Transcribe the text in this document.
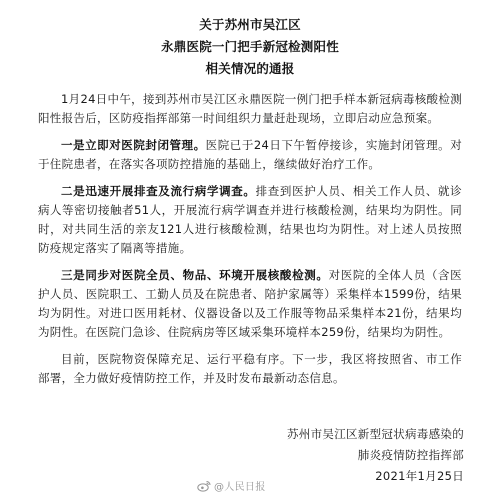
关于苏州市吴江区
永鼎医院一门把手新冠检测阳性
相关情况的通报

1月24日中午，接到苏州市吴江区永鼎医院一例门把手样本新冠病毒核酸检测阳性报告后，区防疫指挥部第一时间组织力量赶赴现场，立即启动应急预案。

一是立即对医院封闭管理。医院已于24日下午暂停接诊，实施封闭管理。对于住院患者，在落实各项防控措施的基础上，继续做好治疗工作。

二是迅速开展排查及流行病学调查。排查到医护人员、相关工作人员、就诊病人等密切接触者51人，开展流行病学调查并进行核酸检测，结果均为阴性。同时，对共同生活的亲友121人进行核酸检测，结果也均为阴性。对上述人员按照防疫规定落实了隔离等措施。

三是同步对医院全员、物品、环境开展核酸检测。对医院的全体人员（含医护人员、医院职工、工勤人员及在院患者、陪护家属等）采集样本1599份，结果均为阴性。对进口医用耗材、仪器设备以及工作服等物品采集样本21份，结果均为阴性。在医院门急诊、住院病房等区域采集环境样本259份，结果均为阴性。

目前，医院物资保障充足、运行平稳有序。下一步，我区将按照省、市工作部署，全力做好疫情防控工作，并及时发布最新动态信息。

苏州市吴江区新型冠状病毒感染的
肺炎疫情防控指挥部
2021年1月25日
@人民日报
